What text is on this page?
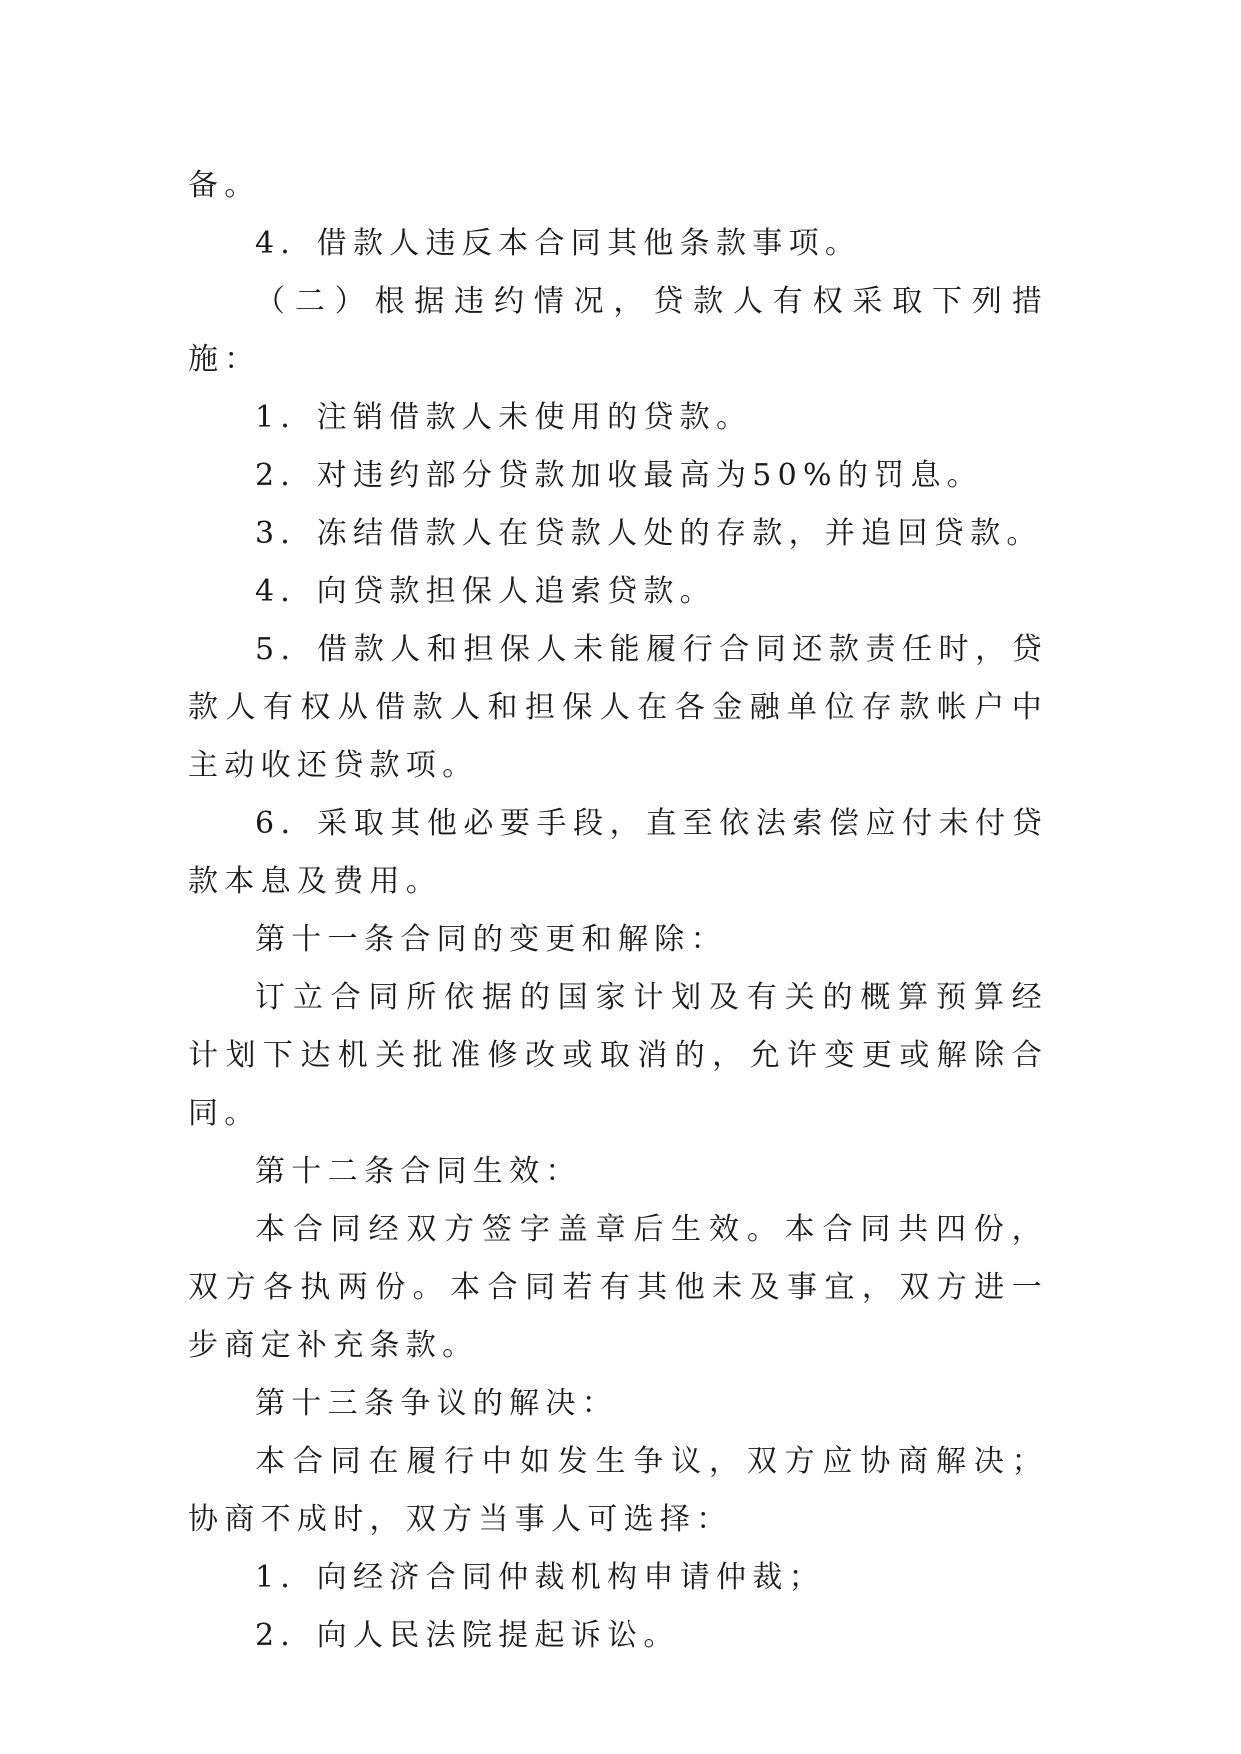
备。

4．借款人违反本合同其他条款事项。

（二）根据违约情况，贷款人有权采取下列措施：

1．注销借款人未使用的贷款。

2．对违约部分贷款加收最高为50%的罚息。

3．冻结借款人在贷款人处的存款，并追回贷款。

4．向贷款担保人追索贷款。

5．借款人和担保人未能履行合同还款责任时，贷款人有权从借款人和担保人在各金融单位存款帐户中主动收还贷款项。

6．采取其他必要手段，直至依法索偿应付未付贷款本息及费用。

第十一条合同的变更和解除：

订立合同所依据的国家计划及有关的概算预算经计划下达机关批准修改或取消的，允许变更或解除合同。

第十二条合同生效：

本合同经双方签字盖章后生效。本合同共四份，双方各执两份。本合同若有其他未及事宜，双方进一步商定补充条款。

第十三条争议的解决：

本合同在履行中如发生争议，双方应协商解决；协商不成时，双方当事人可选择：

1．向经济合同仲裁机构申请仲裁；

2．向人民法院提起诉讼。
